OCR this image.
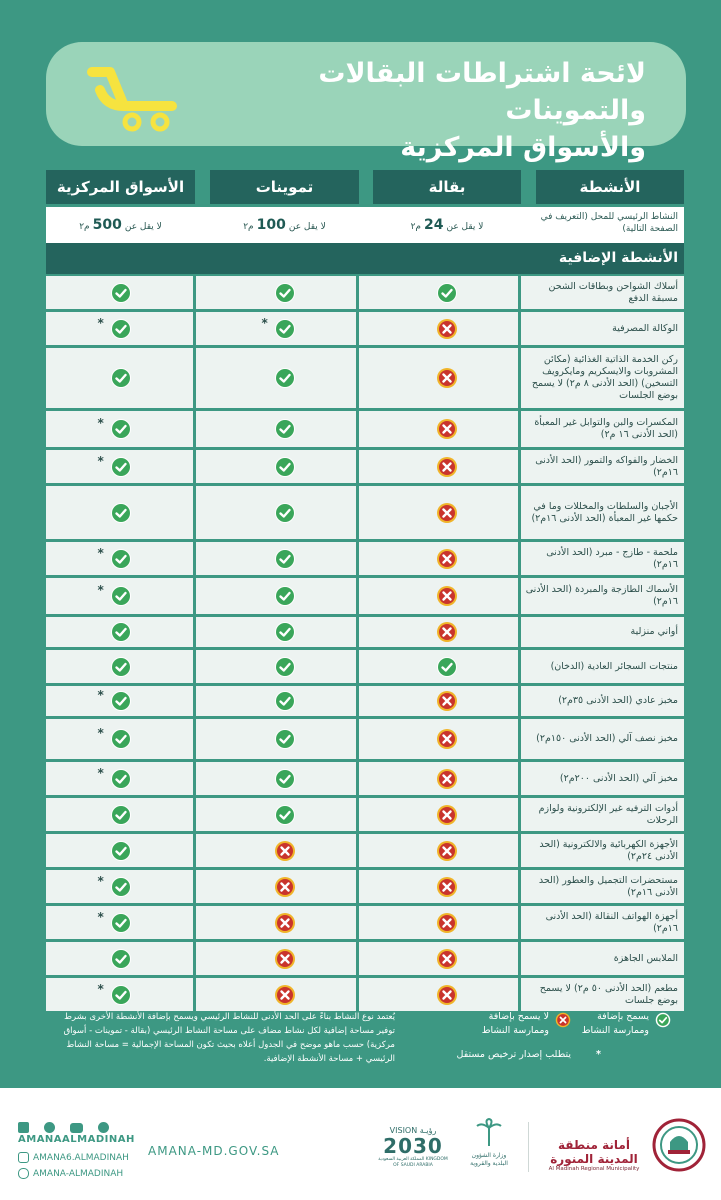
لائحة اشتراطات البقالات والتموينات
والأسواق المركزية
الأنشطة
بقالة
تموينات
الأسواق المركزية
النشاط الرئيسي للمحل (التعريف في الصفحة التالية)
لا يقل عن24م٢
لا يقل عن100م٢
لا يقل عن500م٢
الأنشطة الإضافية
أسلاك الشواحن وبطاقات الشحن مسبقة الدفع
الوكالة المصرفية
*
*
ركن الخدمة الذاتية الغذائية (مكائن المشروبات والايسكريم ومايكرويف التسخين) (الحد الأدنى ٨ م٢) لا يسمح بوضع الجلسات
المكسرات والبن والتوابل غير المعبأة (الحد الأدنى ١٦ م٢)
*
الخضار والفواكه والتمور (الحد الأدنى ١٦م٢)
*
الأجبان والسلطات والمخللات وما في حكمها غير المعبأة (الحد الأدنى ١٦م٢)
ملحمة - طازج - مبرد (الحد الأدنى ١٦م٢)
*
الأسماك الطازجة والمبردة (الحد الأدنى ١٦م٢)
*
أواني منزلية
منتجات السجائر العادية (الدخان)
مخبز عادي (الحد الأدنى ٣٥م٢)
*
مخبز نصف آلي (الحد الأدنى ١٥٠م٢)
*
مخبز آلي (الحد الأدنى ٢٠٠م٢)
*
أدوات الترفيه غير الإلكترونية ولوازم الرحلات
الأجهزة الكهربائية والالكترونية (الحد الأدنى ٢٤م٢)
مستحضرات التجميل والعطور (الحد الأدنى ١٦م٢)
*
أجهزة الهواتف النقالة (الحد الأدنى ١٦م٢)
*
الملابس الجاهزة
مطعم (الحد الأدنى ٥٠ م٢) لا يسمح بوضع جلسات
*
يسمح بإضافة وممارسة النشاط
لا يسمح بإضافة وممارسة النشاط
*
يتطلب إصدار ترخيص مستقل
يُعتمد نوع النشاط بناءً على الحد الأدنى للنشاط الرئيسي ويسمح بإضافة الأنشطة الأخرى بشرط توفير مساحة إضافية لكل نشاط مضاف على مساحة النشاط الرئيسي (بقالة - تموينات - أسواق مركزية) حسب ماهو موضح في الجدول أعلاه بحيث تكون المساحة الإجمالية = مساحة النشاط الرئيسي + مساحة الأنشطة الإضافية.

AMANAALMADINAH
AMANA6.ALMADINAH
AMANA-ALMADINAH
AMANA-MD.GOV.SA
VISION رؤيـة
2030
المملكة العربية السعودية KINGDOM OF SAUDI ARABIA
وزارة الشؤون البلدية والقروية
أمانة منطقة المدينة المنورة
Al Madinah Regional Municipality
